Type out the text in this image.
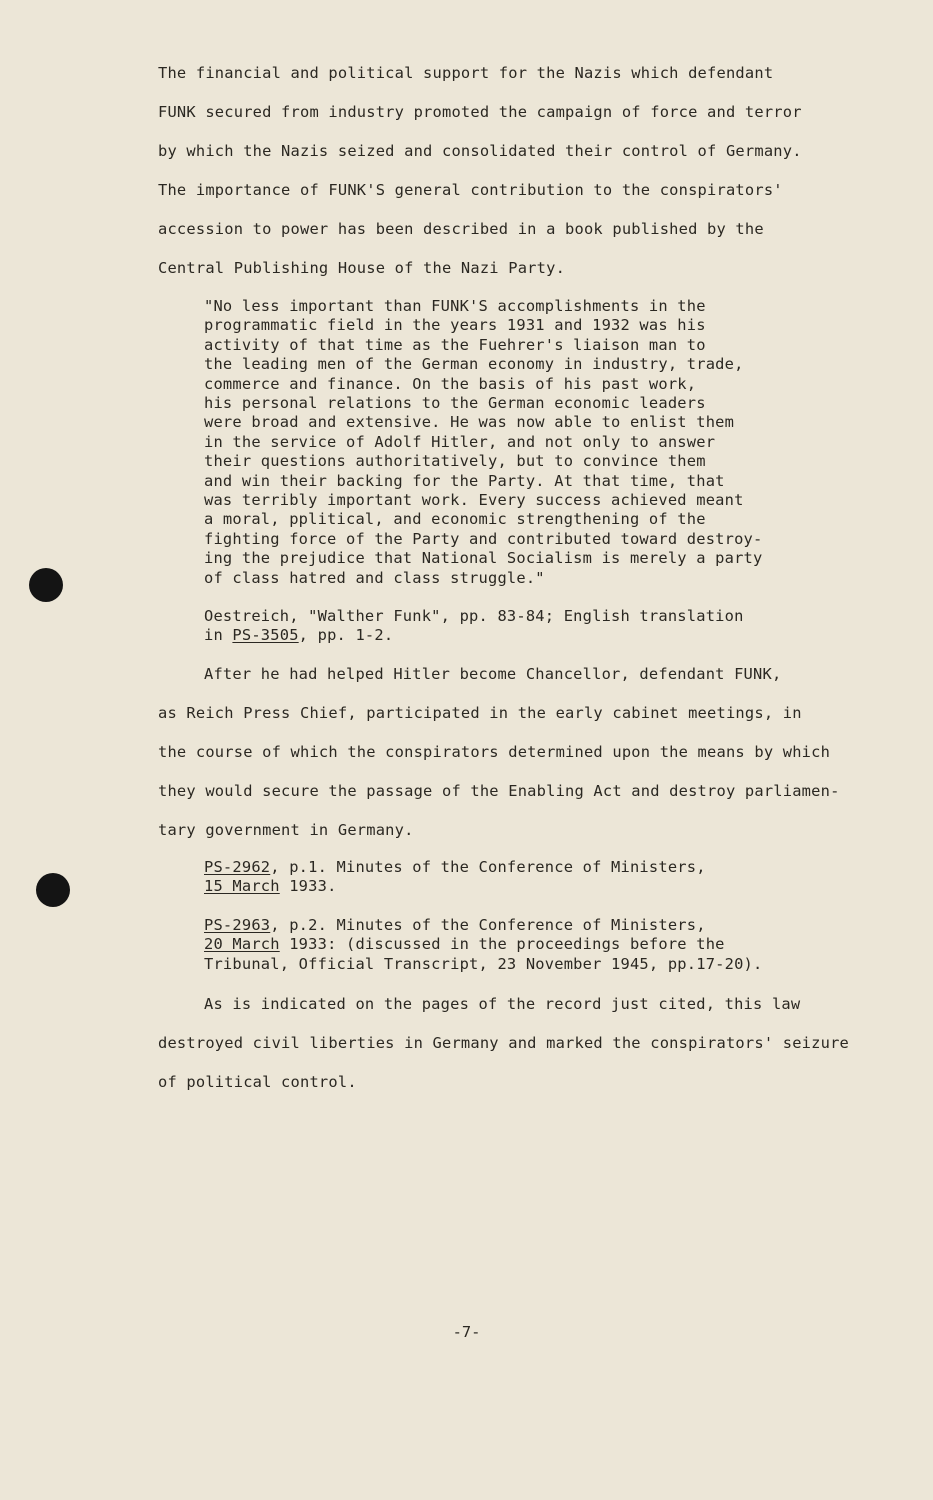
The financial and political support for the Nazis which defendant
FUNK secured from industry promoted the campaign of force and terror
by which the Nazis seized and consolidated their control of Germany.
The importance of FUNK'S general contribution to the conspirators'
accession to power has been described in a book published by the
Central Publishing House of the Nazi Party.
"No less important than FUNK'S accomplishments in the
programmatic field in the years 1931 and 1932 was his
activity of that time as the Fuehrer's liaison man to
the leading men of the German economy in industry, trade,
commerce and finance. On the basis of his past work,
his personal relations to the German economic leaders
were broad and extensive. He was now able to enlist them
in the service of Adolf Hitler, and not only to answer
their questions authoritatively, but to convince them
and win their backing for the Party. At that time, that
was terribly important work. Every success achieved meant
a moral, pplitical, and economic strengthening of the
fighting force of the Party and contributed toward destroy-
ing the prejudice that National Socialism is merely a party
of class hatred and class struggle."
Oestreich, "Walther Funk", pp. 83-84; English translation
in PS-3505, pp. 1-2.
After he had helped Hitler become Chancellor, defendant FUNK,
as Reich Press Chief, participated in the early cabinet meetings, in
the course of which the conspirators determined upon the means by which
they would secure the passage of the Enabling Act and destroy parliamen-
tary government in Germany.
PS-2962, p.1. Minutes of the Conference of Ministers,
15 March 1933.
PS-2963, p.2. Minutes of the Conference of Ministers,
20 March 1933: (discussed in the proceedings before the
Tribunal, Official Transcript, 23 November 1945, pp.17-20).
As is indicated on the pages of the record just cited, this law
destroyed civil liberties in Germany and marked the conspirators' seizure
of political control.
-7-
